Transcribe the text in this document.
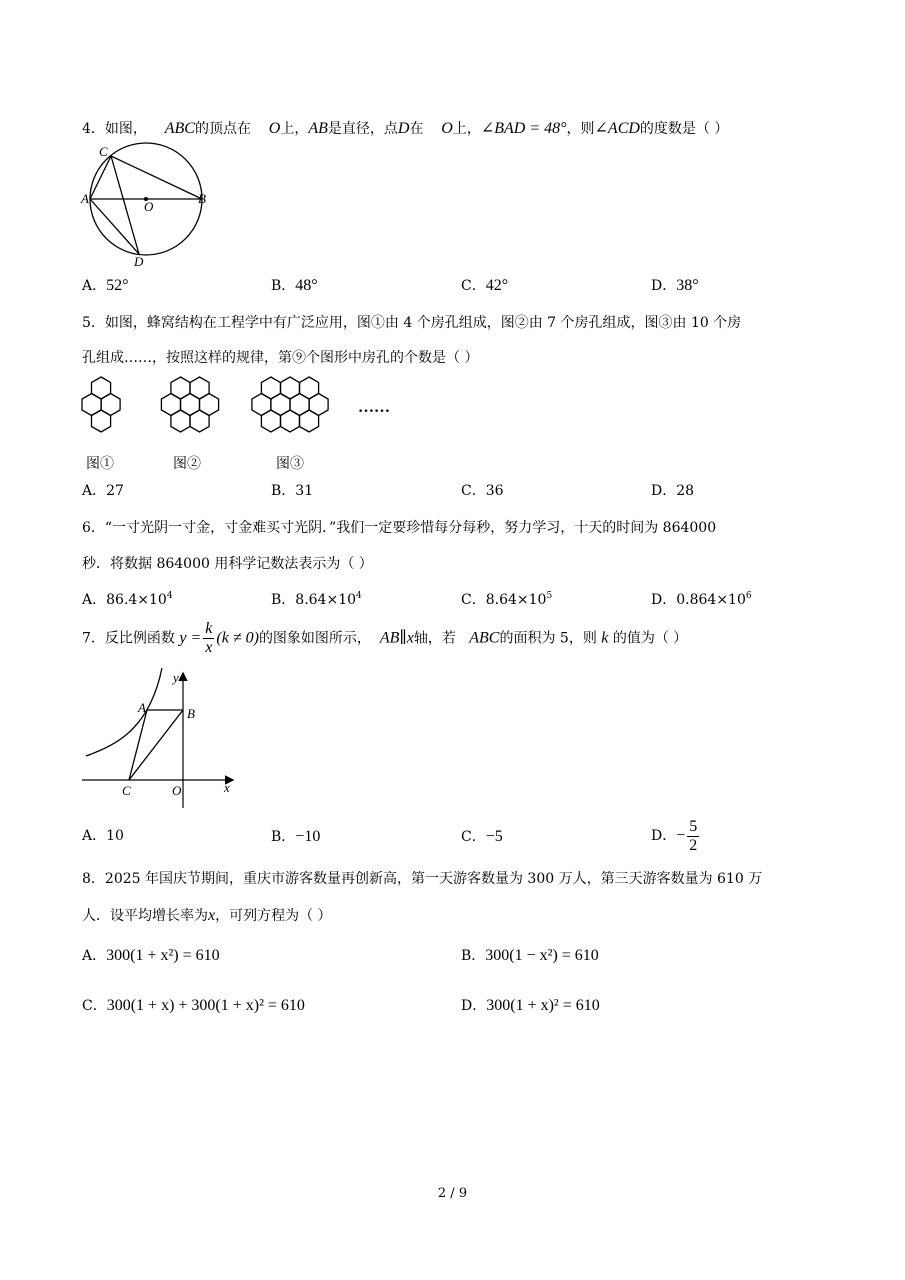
4．如图， ABC的顶点在 O上，AB是直径，点D在 O上，∠BAD = 48°，则∠ACD的度数是（ ）
C
A
O
B
D
A．52°	B．48°	C．42°	D．38°
5．如图，蜂窝结构在工程学中有广泛应用，图①由 4 个房孔组成，图②由 7 个房孔组成，图③由 10 个房
孔组成……，按照这样的规律，第⑨个图形中房孔的个数是（ ）
……
图①	图②	图③
A．27	B．31	C．36	D．28
6．“一寸光阴一寸金，寸金难买寸光阴．”我们一定要珍惜每分每秒，努力学习，十天的时间为 864000
秒．将数据 864000 用科学记数法表示为（ ）
A．$86.4\times 10^4$	B．$8.64\times 10^4$	C．$8.64\times 10^5$	D．$0.864\times 10^6$
7．反比例函数 $y = \frac{k}{x} (k \ne 0)$的图象如图所示， AB∥x轴，若 ABC的面积为 5，则 k 的值为（ ）
y
A	B
C	O	x
A．10	B．−10	C．−5	D．− $\frac{5}{2}$
8．2025 年国庆节期间，重庆市游客数量再创新高，第一天游客数量为 300 万人，第三天游客数量为 610 万
人．设平均增长率为x，可列方程为（ ）
A．300(1 + x²) = 610	B．300(1 − x²) = 610
C．300(1 + x) + 300(1 + x)² = 610	D．300(1 + x)² = 610
2 / 9
